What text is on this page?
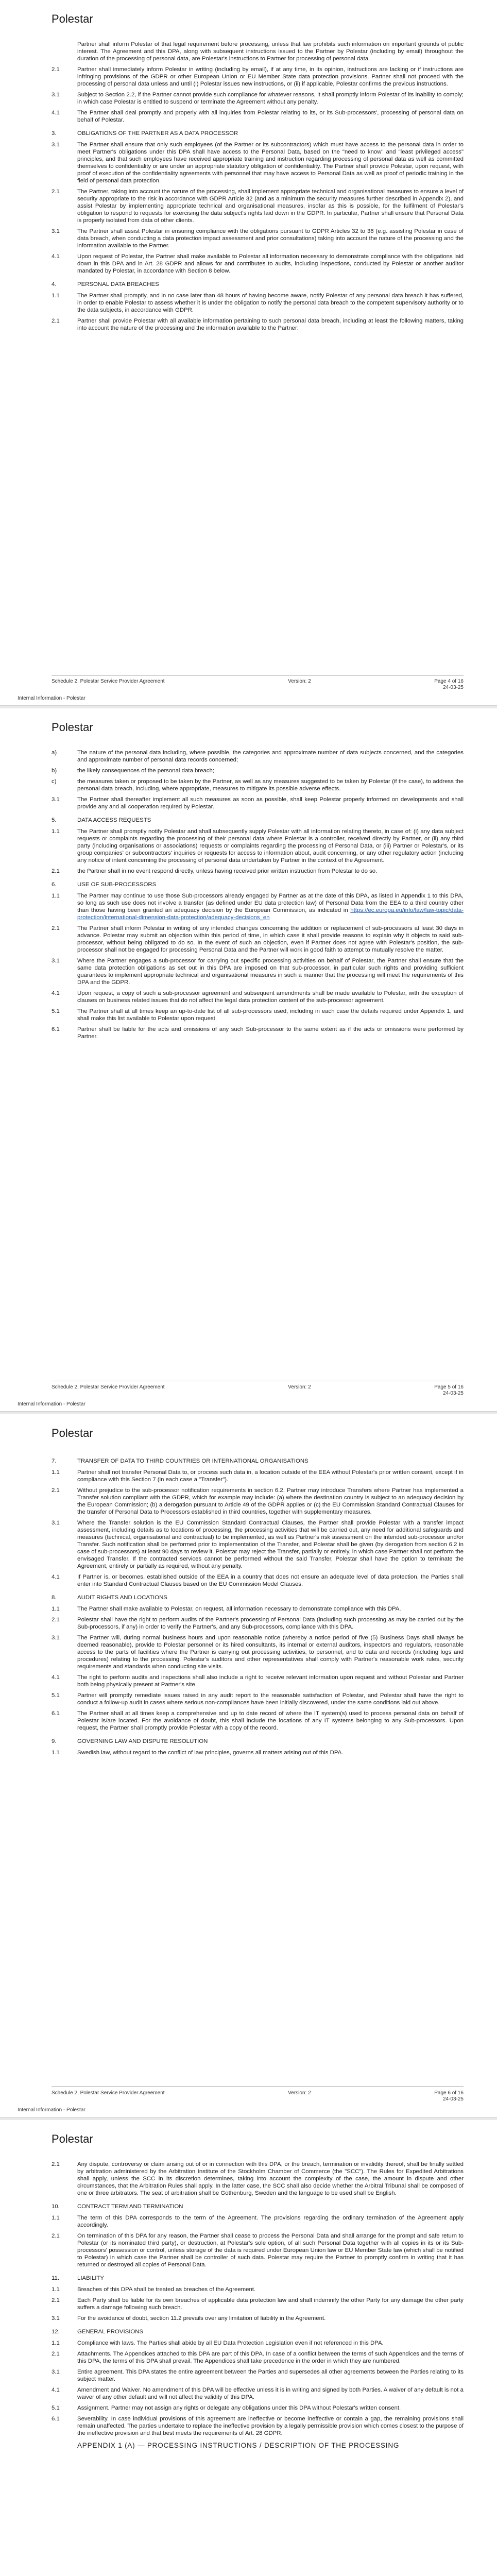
Polestar
Partner shall inform Polestar of that legal requirement before processing, unless that law prohibits such information on important grounds of public interest. The Agreement and this DPA, along with subsequent instructions issued to the Partner by Polestar (including by email) throughout the duration of the processing of personal data, are Polestar's instructions to Partner for processing of personal data.
2.1	Partner shall immediately inform Polestar in writing (including by email), if at any time, in its opinion, instructions are lacking or if instructions are infringing provisions of the GDPR or other European Union or EU Member State data protection provisions. Partner shall not proceed with the processing of personal data unless and until (i) Polestar issues new instructions, or (ii) if applicable, Polestar confirms the previous instructions.
3.1	Subject to Section 2.2, if the Partner cannot provide such compliance for whatever reasons, it shall promptly inform Polestar of its inability to comply; in which case Polestar is entitled to suspend or terminate the Agreement without any penalty.
4.1	The Partner shall deal promptly and properly with all inquiries from Polestar relating to its, or its Sub-processors', processing of personal data on behalf of Polestar.
3.	OBLIGATIONS OF THE PARTNER AS A DATA PROCESSOR
3.1	The Partner shall ensure that only such employees (of the Partner or its subcontractors) which must have access to the personal data in order to meet Partner's obligations under this DPA shall have access to the Personal Data, based on the "need to know" and "least privileged access" principles, and that such employees have received appropriate training and instruction regarding processing of personal data as well as committed themselves to confidentiality or are under an appropriate statutory obligation of confidentiality. The Partner shall provide Polestar, upon request, with proof of execution of the confidentiality agreements with personnel that may have access to Personal Data as well as proof of periodic training in the field of personal data protection.
2.1	The Partner, taking into account the nature of the processing, shall implement appropriate technical and organisational measures to ensure a level of security appropriate to the risk in accordance with GDPR Article 32 (and as a minimum the security measures further described in Appendix 2), and assist Polestar by implementing appropriate technical and organisational measures, insofar as this is possible, for the fulfilment of Polestar's obligation to respond to requests for exercising the data subject's rights laid down in the GDPR. In particular, Partner shall ensure that Personal Data is properly isolated from data of other clients.
3.1	The Partner shall assist Polestar in ensuring compliance with the obligations pursuant to GDPR Articles 32 to 36 (e.g. assisting Polestar in case of data breach, when conducting a data protection impact assessment and prior consultations) taking into account the nature of the processing and the information available to the Partner.
4.1	Upon request of Polestar, the Partner shall make available to Polestar all information necessary to demonstrate compliance with the obligations laid down in this DPA and in Art. 28 GDPR and allows for and contributes to audits, including inspections, conducted by Polestar or another auditor mandated by Polestar, in accordance with Section 8 below.
4.	PERSONAL DATA BREACHES
1.1	The Partner shall promptly, and in no case later than 48 hours of having become aware, notify Polestar of any personal data breach it has suffered, in order to enable Polestar to assess whether it is under the obligation to notify the personal data breach to the competent supervisory authority or to the data subjects, in accordance with GDPR.
2.1	Partner shall provide Polestar with all available information pertaining to such personal data breach, including at least the following matters, taking into account the nature of the processing and the information available to the Partner:
Schedule 2, Polestar Service Provider Agreement	Version: 2	Page 4 of 16
24-03-25
Internal Information - Polestar
Polestar
a)	The nature of the personal data including, where possible, the categories and approximate number of data subjects concerned, and the categories and approximate number of personal data records concerned;
b)	the likely consequences of the personal data breach;
c)	the measures taken or proposed to be taken by the Partner, as well as any measures suggested to be taken by Polestar (if the case), to address the personal data breach, including, where appropriate, measures to mitigate its possible adverse effects.
3.1	The Partner shall thereafter implement all such measures as soon as possible, shall keep Polestar properly informed on developments and shall provide any and all cooperation required by Polestar.
5.	DATA ACCESS REQUESTS
1.1	The Partner shall promptly notify Polestar and shall subsequently supply Polestar with all information relating thereto, in case of: (i) any data subject requests or complaints regarding the processing of their personal data where Polestar is a controller, received directly by Partner, or (ii) any third party (including organisations or associations) requests or complaints regarding the processing of Personal Data, or (iii) Partner or Polestar's, or its group companies' or subcontractors' inquiries or requests for access to information about, audit concerning, or any other regulatory action (including any notice of intent concerning the processing of personal data undertaken by Partner in the context of the Agreement.
2.1	the Partner shall in no event respond directly, unless having received prior written instruction from Polestar to do so.
6.	USE OF SUB-PROCESSORS
1.1	The Partner may continue to use those Sub-processors already engaged by Partner as at the date of this DPA, as listed in Appendix 1 to this DPA, so long as such use does not involve a transfer (as defined under EU data protection law) of Personal Data from the EEA to a third country other than those having been granted an adequacy decision by the European Commission, as indicated in https://ec.europa.eu/info/law/law-topic/data-protection/international-dimension-data-protection/adequacy-decisions_en
2.1	The Partner shall inform Polestar in writing of any intended changes concerning the addition or replacement of sub-processors at least 30 days in advance. Polestar may submit an objection within this period of time, in which case it shall provide reasons to explain why it objects to said sub-processor, without being obligated to do so. In the event of such an objection, even if Partner does not agree with Polestar's position, the sub-processor shall not be engaged for processing Personal Data and the Partner will work in good faith to attempt to mutually resolve the matter.
3.1	Where the Partner engages a sub-processor for carrying out specific processing activities on behalf of Polestar, the Partner shall ensure that the same data protection obligations as set out in this DPA are imposed on that sub-processor, in particular such rights and providing sufficient guarantees to implement appropriate technical and organisational measures in such a manner that the processing will meet the requirements of this DPA and the GDPR.
4.1	Upon request, a copy of such a sub-processor agreement and subsequent amendments shall be made available to Polestar, with the exception of clauses on business related issues that do not affect the legal data protection content of the sub-processor agreement.
5.1	The Partner shall at all times keep an up-to-date list of all sub-processors used, including in each case the details required under Appendix 1, and shall make this list available to Polestar upon request.
6.1	Partner shall be liable for the acts and omissions of any such Sub-processor to the same extent as if the acts or omissions were performed by Partner.
Schedule 2, Polestar Service Provider Agreement	Version: 2	Page 5 of 16
24-03-25
Internal Information - Polestar
Polestar
7.	TRANSFER OF DATA TO THIRD COUNTRIES OR INTERNATIONAL ORGANISATIONS
1.1	Partner shall not transfer Personal Data to, or process such data in, a location outside of the EEA without Polestar's prior written consent, except if in compliance with this Section 7 (in each case a "Transfer").
2.1	Without prejudice to the sub-processor notification requirements in section 6.2, Partner may introduce Transfers where Partner has implemented a Transfer solution compliant with the GDPR, which for example may include: (a) where the destination country is subject to an adequacy decision by the European Commission; (b) a derogation pursuant to Article 49 of the GDPR applies or (c) the EU Commission Standard Contractual Clauses for the transfer of Personal Data to Processors established in third countries, together with supplementary measures.
3.1	Where the Transfer solution is the EU Commission Standard Contractual Clauses, the Partner shall provide Polestar with a transfer impact assessment, including details as to locations of processing, the processing activities that will be carried out, any need for additional safeguards and measures (technical, organisational and contractual) to be implemented, as well as Partner's risk assessment on the intended sub-processor and/or Transfer. Such notification shall be performed prior to implementation of the Transfer, and Polestar shall be given (by derogation from section 6.2 in case of sub-processors) at least 90 days to review it. Polestar may reject the Transfer, partially or entirely, in which case Partner shall not perform the envisaged Transfer. If the contracted services cannot be performed without the said Transfer, Polestar shall have the option to terminate the Agreement, entirely or partially as required, without any penalty.
4.1	If Partner is, or becomes, established outside of the EEA in a country that does not ensure an adequate level of data protection, the Parties shall enter into Standard Contractual Clauses based on the EU Commission Model Clauses.
8.	AUDIT RIGHTS AND LOCATIONS
1.1	The Partner shall make available to Polestar, on request, all information necessary to demonstrate compliance with this DPA.
2.1	Polestar shall have the right to perform audits of the Partner's processing of Personal Data (including such processing as may be carried out by the Sub-processors, if any) in order to verify the Partner's, and any Sub-processors, compliance with this DPA.
3.1	The Partner will, during normal business hours and upon reasonable notice (whereby a notice period of five (5) Business Days shall always be deemed reasonable), provide to Polestar personnel or its hired consultants, its internal or external auditors, inspectors and regulators, reasonable access to the parts of facilities where the Partner is carrying out processing activities, to personnel, and to data and records (including logs and procedures) relating to the processing. Polestar's auditors and other representatives shall comply with Partner's reasonable work rules, security requirements and standards when conducting site visits.
4.1	The right to perform audits and inspections shall also include a right to receive relevant information upon request and without Polestar and Partner both being physically present at Partner's site.
5.1	Partner will promptly remediate issues raised in any audit report to the reasonable satisfaction of Polestar, and Polestar shall have the right to conduct a follow-up audit in cases where serious non-compliances have been initially discovered, under the same conditions laid out above.
6.1	The Partner shall at all times keep a comprehensive and up to date record of where the IT system(s) used to process personal data on behalf of Polestar is/are located. For the avoidance of doubt, this shall include the locations of any IT systems belonging to any Sub-processors. Upon request, the Partner shall promptly provide Polestar with a copy of the record.
9.	GOVERNING LAW AND DISPUTE RESOLUTION
1.1	Swedish law, without regard to the conflict of law principles, governs all matters arising out of this DPA.
Schedule 2, Polestar Service Provider Agreement	Version: 2	Page 6 of 16
24-03-25
Internal Information - Polestar
Polestar
2.1	Any dispute, controversy or claim arising out of or in connection with this DPA, or the breach, termination or invalidity thereof, shall be finally settled by arbitration administered by the Arbitration Institute of the Stockholm Chamber of Commerce (the "SCC"). The Rules for Expedited Arbitrations shall apply, unless the SCC in its discretion determines, taking into account the complexity of the case, the amount in dispute and other circumstances, that the Arbitration Rules shall apply. In the latter case, the SCC shall also decide whether the Arbitral Tribunal shall be composed of one or three arbitrators. The seat of arbitration shall be Gothenburg, Sweden and the language to be used shall be English.
10.	CONTRACT TERM AND TERMINATION
1.1	The term of this DPA corresponds to the term of the Agreement. The provisions regarding the ordinary termination of the Agreement apply accordingly.
2.1	On termination of this DPA for any reason, the Partner shall cease to process the Personal Data and shall arrange for the prompt and safe return to Polestar (or its nominated third party), or destruction, at Polestar's sole option, of all such Personal Data together with all copies in its or its Sub-processors' possession or control, unless storage of the data is required under European Union law or EU Member State law (which shall be notified to Polestar) in which case the Partner shall be controller of such data. Polestar may require the Partner to promptly confirm in writing that it has returned or destroyed all copies of Personal Data.
11.	LIABILITY
1.1	Breaches of this DPA shall be treated as breaches of the Agreement.
2.1	Each Party shall be liable for its own breaches of applicable data protection law and shall indemnify the other Party for any damage the other party suffers a damage following such breach.
3.1	For the avoidance of doubt, section 11.2 prevails over any limitation of liability in the Agreement.
12.	GENERAL PROVISIONS
1.1	Compliance with laws. The Parties shall abide by all EU Data Protection Legislation even if not referenced in this DPA.
2.1	Attachments. The Appendices attached to this DPA are part of this DPA. In case of a conflict between the terms of such Appendices and the terms of this DPA, the terms of this DPA shall prevail. The Appendices shall take precedence in the order in which they are numbered.
3.1	Entire agreement. This DPA states the entire agreement between the Parties and supersedes all other agreements between the Parties relating to its subject matter.
4.1	Amendment and Waiver. No amendment of this DPA will be effective unless it is in writing and signed by both Parties. A waiver of any default is not a waiver of any other default and will not affect the validity of this DPA.
5.1	Assignment. Partner may not assign any rights or delegate any obligations under this DPA without Polestar's written consent.
6.1	Severability. In case individual provisions of this agreement are ineffective or become ineffective or contain a gap, the remaining provisions shall remain unaffected. The parties undertake to replace the ineffective provision by a legally permissible provision which comes closest to the purpose of the ineffective provision and that best meets the requirements of Art. 28 GDPR.
APPENDIX 1 (A) — PROCESSING INSTRUCTIONS / DESCRIPTION OF THE PROCESSING
